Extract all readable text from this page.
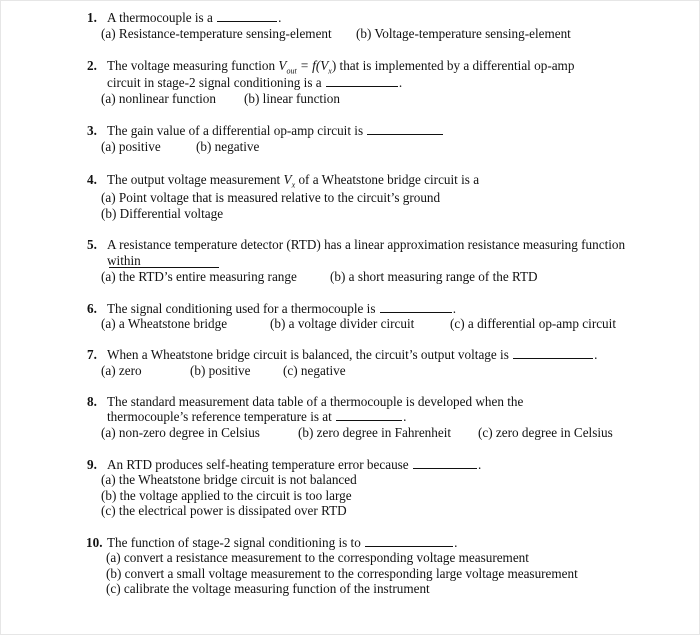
1. A thermocouple is a	.
(a) Resistance-temperature sensing-element (b) Voltage-temperature sensing-element
2. The voltage measuring function $V_{out} = f(V_x)$ that is implemented by a differential op-amp
circuit in stage-2 signal conditioning is a	.
(a) nonlinear function (b) linear function
3. The gain value of a differential op-amp circuit is
(a) positive	(b) negative
4. The output voltage measurement $V_x$ of a Wheatstone bridge circuit is a
(a) Point voltage that is measured relative to the circuit’s ground
(b) Differential voltage
5. A resistance temperature detector (RTD) has a linear approximation resistance measuring function
within
(a) the RTD’s entire measuring range	(b) a short measuring range of the RTD
6. The signal conditioning used for a thermocouple is	.
(a) a Wheatstone bridge	(b) a voltage divider circuit	(c) a differential op-amp circuit
7. When a Wheatstone bridge circuit is balanced, the circuit’s output voltage is	.
(a) zero	(b) positive (c) negative
8. The standard measurement data table of a thermocouple is developed when the
thermocouple’s reference temperature is at	.
(a) non-zero degree in Celsius	(b) zero degree in Fahrenheit (c) zero degree in Celsius
9. An RTD produces self-heating temperature error because	.
(a) the Wheatstone bridge circuit is not balanced
(b) the voltage applied to the circuit is too large
(c) the electrical power is dissipated over RTD
10. The function of stage-2 signal conditioning is to	.
(a) convert a resistance measurement to the corresponding voltage measurement
(b) convert a small voltage measurement to the corresponding large voltage measurement
(c) calibrate the voltage measuring function of the instrument
